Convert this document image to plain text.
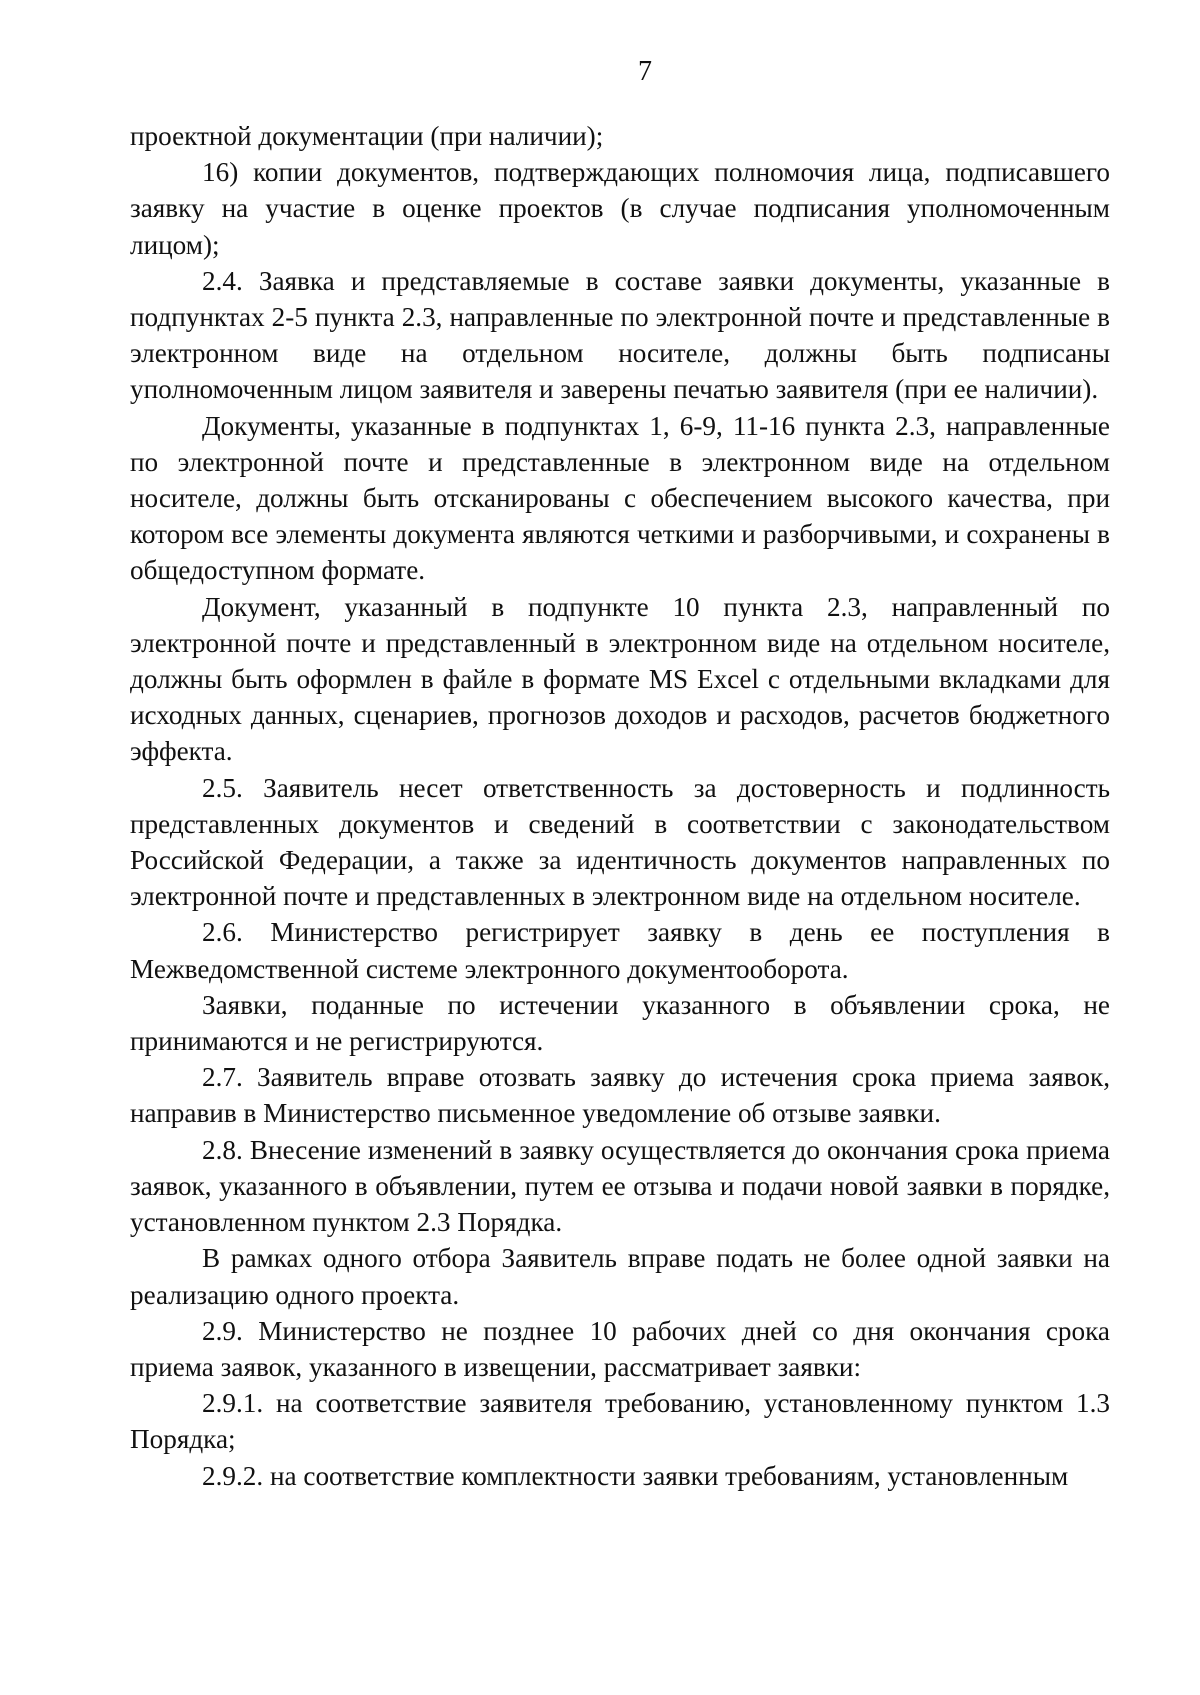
7

проектной документации (при наличии);

16) копии документов, подтверждающих полномочия лица, подписавшего заявку на участие в оценке проектов (в случае подписания уполномоченным лицом);

2.4. Заявка и представляемые в составе заявки документы, указанные в подпунктах 2-5 пункта 2.3, направленные по электронной почте и представленные в электронном виде на отдельном носителе, должны быть подписаны уполномоченным лицом заявителя и заверены печатью заявителя (при ее наличии).

Документы, указанные в подпунктах 1, 6-9, 11-16 пункта 2.3, направленные по электронной почте и представленные в электронном виде на отдельном носителе, должны быть отсканированы с обеспечением высокого качества, при котором все элементы документа являются четкими и разборчивыми, и сохранены в общедоступном формате.

Документ, указанный в подпункте 10 пункта 2.3, направленный по электронной почте и представленный в электронном виде на отдельном носителе, должны быть оформлен в файле в формате MS Excel с отдельными вкладками для исходных данных, сценариев, прогнозов доходов и расходов, расчетов бюджетного эффекта.

2.5. Заявитель несет ответственность за достоверность и подлинность представленных документов и сведений в соответствии с законодательством Российской Федерации, а также за идентичность документов направленных по электронной почте и представленных в электронном виде на отдельном носителе.

2.6. Министерство регистрирует заявку в день ее поступления в Межведомственной системе электронного документооборота.

Заявки, поданные по истечении указанного в объявлении срока, не принимаются и не регистрируются.

2.7. Заявитель вправе отозвать заявку до истечения срока приема заявок, направив в Министерство письменное уведомление об отзыве заявки.

2.8. Внесение изменений в заявку осуществляется до окончания срока приема заявок, указанного в объявлении, путем ее отзыва и подачи новой заявки в порядке, установленном пунктом 2.3 Порядка.

В рамках одного отбора Заявитель вправе подать не более одной заявки на реализацию одного проекта.

2.9. Министерство не позднее 10 рабочих дней со дня окончания срока приема заявок, указанного в извещении, рассматривает заявки:

2.9.1. на соответствие заявителя требованию, установленному пунктом 1.3 Порядка;

2.9.2. на соответствие комплектности заявки требованиям, установленным
